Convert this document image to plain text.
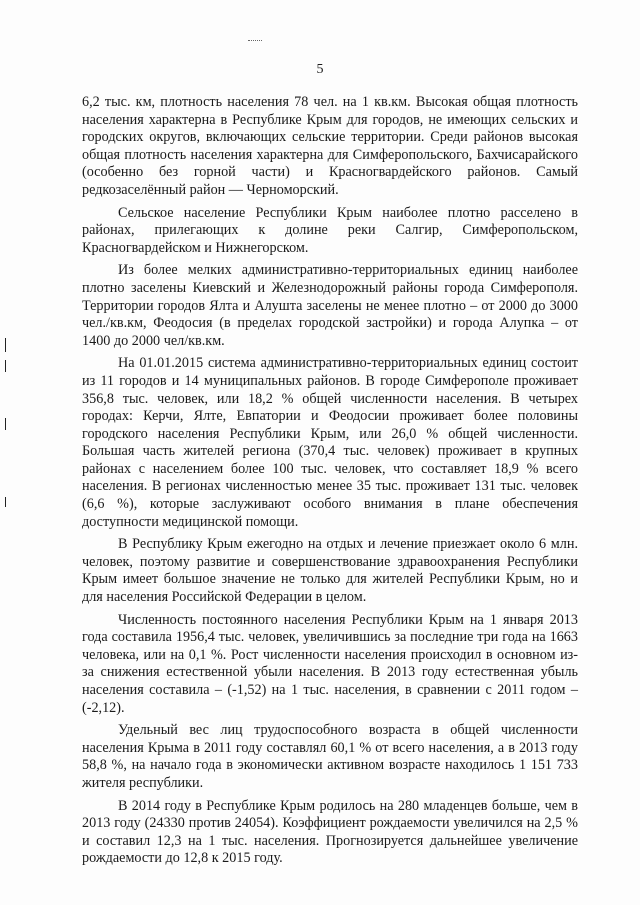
5

6,2 тыс. км, плотность населения 78 чел. на 1 кв.км. Высокая общая плотность населения характерна в Республике Крым для городов, не имеющих сельских и городских округов, включающих сельские территории. Среди районов высокая общая плотность населения характерна для Симферопольского, Бахчисарайского (особенно без горной части) и Красногвардейского районов. Самый редкозаселённый район — Черноморский.

Сельское население Республики Крым наиболее плотно расселено в районах, прилегающих к долине реки Салгир, Симферопольском, Красногвардейском и Нижнегорском.

Из более мелких административно-территориальных единиц наиболее плотно заселены Киевский и Железнодорожный районы города Симферополя. Территории городов Ялта и Алушта заселены не менее плотно – от 2000 до 3000 чел./кв.км, Феодосия (в пределах городской застройки) и города Алупка – от 1400 до 2000 чел/кв.км.

На 01.01.2015 система административно-территориальных единиц состоит из 11 городов и 14 муниципальных районов. В городе Симферополе проживает 356,8 тыс. человек, или 18,2 % общей численности населения. В четырех городах: Керчи, Ялте, Евпатории и Феодосии проживает более половины городского населения Республики Крым, или 26,0 % общей численности. Большая часть жителей региона (370,4 тыс. человек) проживает в крупных районах с населением более 100 тыс. человек, что составляет 18,9 % всего населения. В регионах численностью менее 35 тыс. проживает 131 тыс. человек (6,6 %), которые заслуживают особого внимания в плане обеспечения доступности медицинской помощи.

В Республику Крым ежегодно на отдых и лечение приезжает около 6 млн. человек, поэтому развитие и совершенствование здравоохранения Республики Крым имеет большое значение не только для жителей Республики Крым, но и для населения Российской Федерации в целом.

Численность постоянного населения Республики Крым на 1 января 2013 года составила 1956,4 тыс. человек, увеличившись за последние три года на 1663 человека, или на 0,1 %. Рост численности населения происходил в основном из-за снижения естественной убыли населения. В 2013 году естественная убыль населения составила – (-1,52) на 1 тыс. населения, в сравнении с 2011 годом – (-2,12).

Удельный вес лиц трудоспособного возраста в общей численности населения Крыма в 2011 году составлял 60,1 % от всего населения, а в 2013 году 58,8 %, на начало года в экономически активном возрасте находилось 1 151 733 жителя республики.

В 2014 году в Республике Крым родилось на 280 младенцев больше, чем в 2013 году (24330 против 24054). Коэффициент рождаемости увеличился на 2,5 % и составил 12,3 на 1 тыс. населения. Прогнозируется дальнейшее увеличение рождаемости до 12,8 к 2015 году.
